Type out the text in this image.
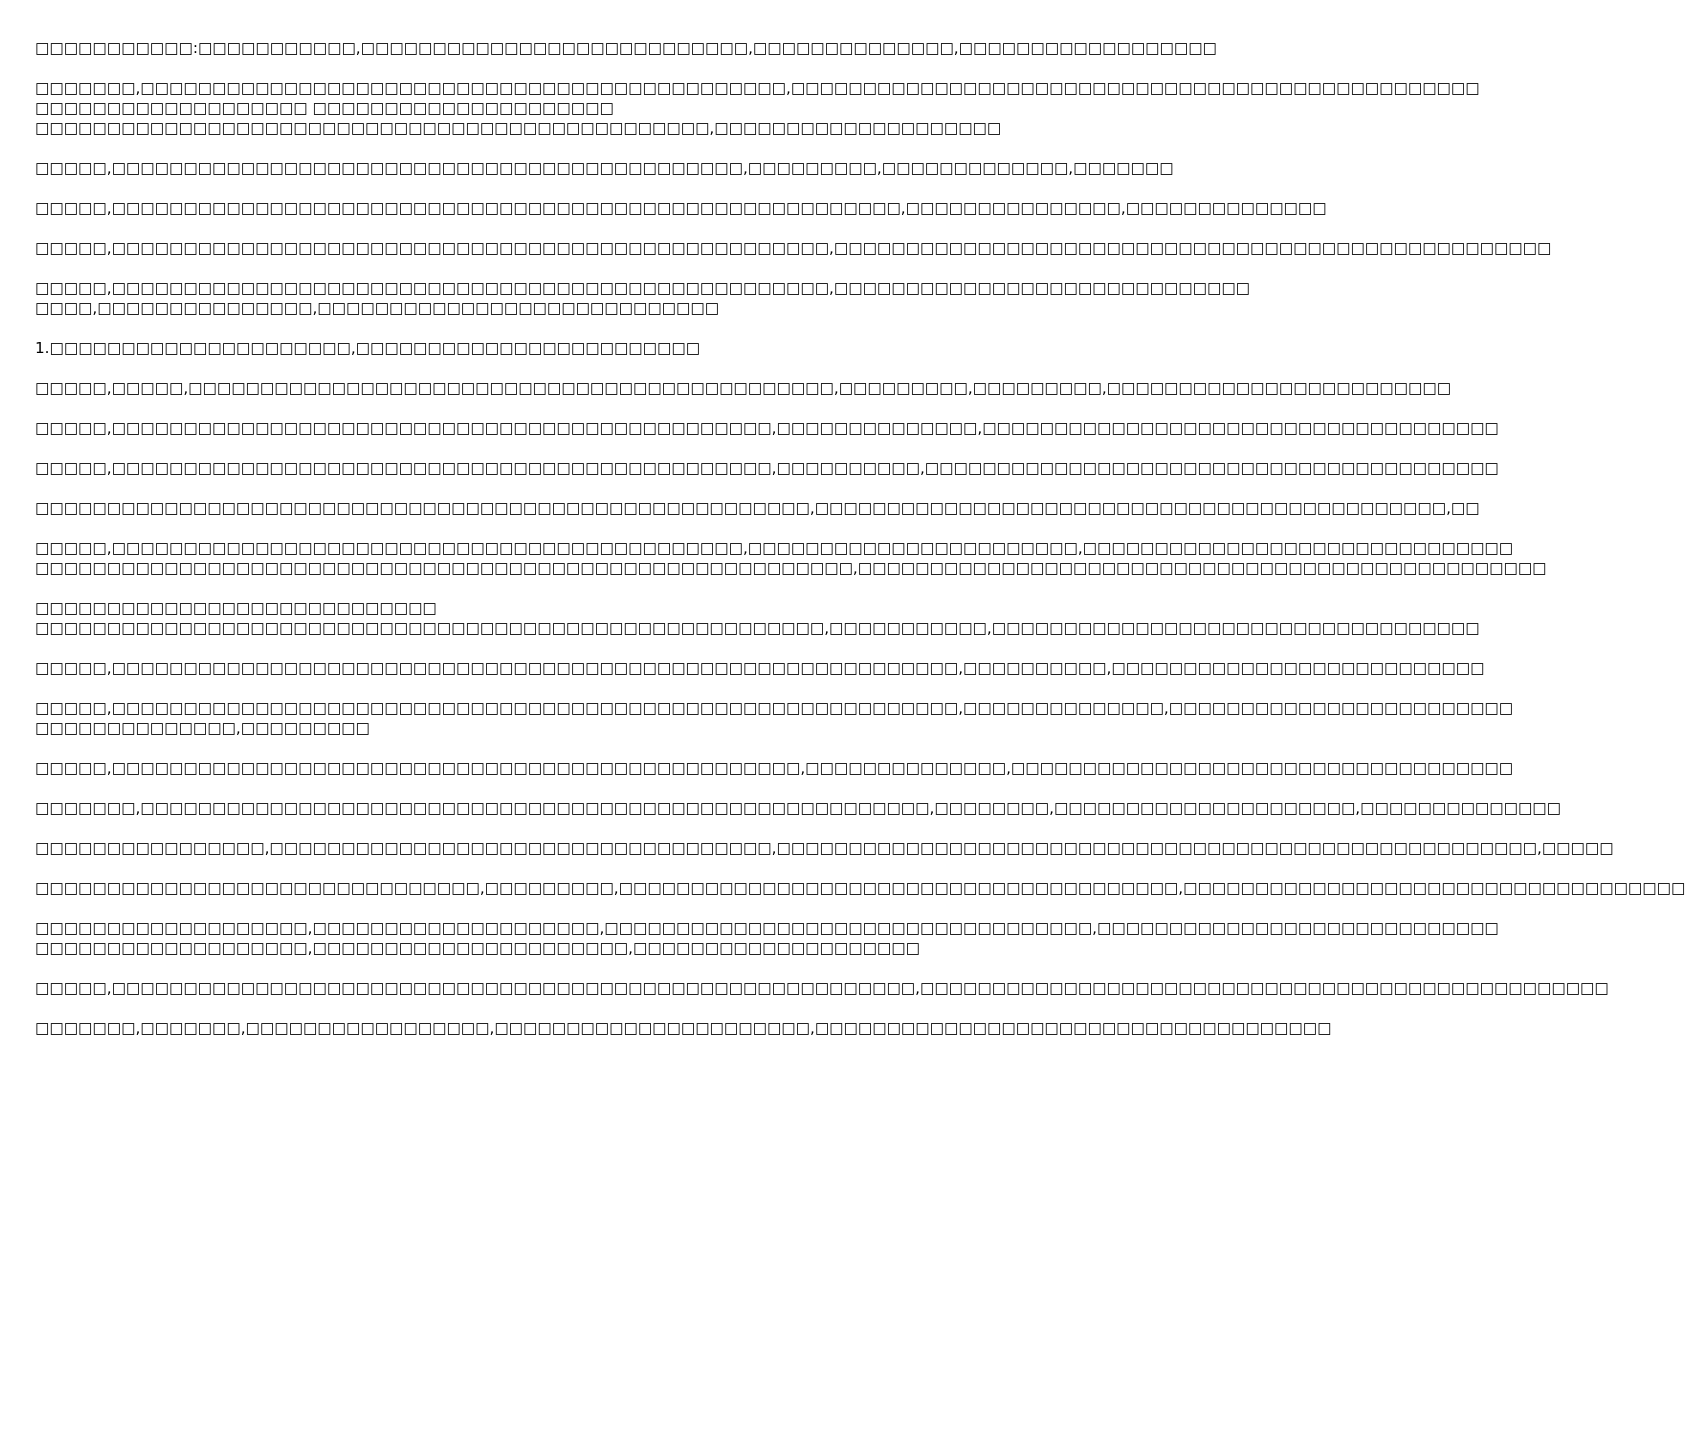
□□□□□□□□□□□:□□□□□□□□□□□,□□□□□□□□□□□□□□□□□□□□□□□□□□□,□□□□□□□□□□□□□□,□□□□□□□□□□□□□□□□□□

□□□□□□□,□□□□□□□□□□□□□□□□□□□□□□□□□□□□□□□□□□□□□□□□□□□□□,□□□□□□□□□□□□□□□□□□□□□□□□□□□□□□□□□□□□□□□□□□□□□□□□

□□□□□□□□□□□□□□□□□□□ □□□□□□□□□□□□□□□□□□□□□

□□□□□□□□□□□□□□□□□□□□□□□□□□□□□□□□□□□□□□□□□□□□□□□,□□□□□□□□□□□□□□□□□□□□

□□□□□,□□□□□□□□□□□□□□□□□□□□□□□□□□□□□□□□□□□□□□□□□□□□,□□□□□□□□□,□□□□□□□□□□□□□,□□□□□□□

□□□□□,□□□□□□□□□□□□□□□□□□□□□□□□□□□□□□□□□□□□□□□□□□□□□□□□□□□□□□□,□□□□□□□□□□□□□□□,□□□□□□□□□□□□□□

□□□□□,□□□□□□□□□□□□□□□□□□□□□□□□□□□□□□□□□□□□□□□□□□□□□□□□□□,□□□□□□□□□□□□□□□□□□□□□□□□□□□□□□□□□□□□□□□□□□□□□□□□□□

□□□□□,□□□□□□□□□□□□□□□□□□□□□□□□□□□□□□□□□□□□□□□□□□□□□□□□□□,□□□□□□□□□□□□□□□□□□□□□□□□□□□□□

□□□□,□□□□□□□□□□□□□□□,□□□□□□□□□□□□□□□□□□□□□□□□□□□□

1.□□□□□□□□□□□□□□□□□□□□□,□□□□□□□□□□□□□□□□□□□□□□□□

□□□□□,□□□□□,□□□□□□□□□□□□□□□□□□□□□□□□□□□□□□□□□□□□□□□□□□□□□,□□□□□□□□□,□□□□□□□□□,□□□□□□□□□□□□□□□□□□□□□□□□

□□□□□,□□□□□□□□□□□□□□□□□□□□□□□□□□□□□□□□□□□□□□□□□□□□□□,□□□□□□□□□□□□□□,□□□□□□□□□□□□□□□□□□□□□□□□□□□□□□□□□□□□

□□□□□,□□□□□□□□□□□□□□□□□□□□□□□□□□□□□□□□□□□□□□□□□□□□□□,□□□□□□□□□□,□□□□□□□□□□□□□□□□□□□□□□□□□□□□□□□□□□□□□□□□

□□□□□□□□□□□□□□□□□□□□□□□□□□□□□□□□□□□□□□□□□□□□□□□□□□□□□□,□□□□□□□□□□□□□□□□□□□□□□□□□□□□□□□□□□□□□□□□□□□□,□□

□□□□□,□□□□□□□□□□□□□□□□□□□□□□□□□□□□□□□□□□□□□□□□□□□□,□□□□□□□□□□□□□□□□□□□□□□□,□□□□□□□□□□□□□□□□□□□□□□□□□□□□□□

□□□□□□□□□□□□□□□□□□□□□□□□□□□□□□□□□□□□□□□□□□□□□□□□□□□□□□□□□,□□□□□□□□□□□□□□□□□□□□□□□□□□□□□□□□□□□□□□□□□□□□□□□□

□□□□□□□□□□□□□□□□□□□□□□□□□□□□

□□□□□□□□□□□□□□□□□□□□□□□□□□□□□□□□□□□□□□□□□□□□□□□□□□□□□□□,□□□□□□□□□□□,□□□□□□□□□□□□□□□□□□□□□□□□□□□□□□□□□□

□□□□□,□□□□□□□□□□□□□□□□□□□□□□□□□□□□□□□□□□□□□□□□□□□□□□□□□□□□□□□□□□□,□□□□□□□□□□,□□□□□□□□□□□□□□□□□□□□□□□□□□

□□□□□,□□□□□□□□□□□□□□□□□□□□□□□□□□□□□□□□□□□□□□□□□□□□□□□□□□□□□□□□□□□,□□□□□□□□□□□□□□,□□□□□□□□□□□□□□□□□□□□□□□□

□□□□□□□□□□□□□□,□□□□□□□□□

□□□□□,□□□□□□□□□□□□□□□□□□□□□□□□□□□□□□□□□□□□□□□□□□□□□□□□,□□□□□□□□□□□□□□,□□□□□□□□□□□□□□□□□□□□□□□□□□□□□□□□□□□

□□□□□□□,□□□□□□□□□□□□□□□□□□□□□□□□□□□□□□□□□□□□□□□□□□□□□□□□□□□□□□□,□□□□□□□□,□□□□□□□□□□□□□□□□□□□□□,□□□□□□□□□□□□□□

□□□□□□□□□□□□□□□□,□□□□□□□□□□□□□□□□□□□□□□□□□□□□□□□□□□□,□□□□□□□□□□□□□□□□□□□□□□□□□□□□□□□□□□□□□□□□□□□□□□□□□□□□□,□□□□□

□□□□□□□□□□□□□□□□□□□□□□□□□□□□□□□,□□□□□□□□□,□□□□□□□□□□□□□□□□□□□□□□□□□□□□□□□□□□□□□□□,□□□□□□□□□□□□□□□□□□□□□□□□□□□□□□□□□□□

□□□□□□□□□□□□□□□□□□□,□□□□□□□□□□□□□□□□□□□□,□□□□□□□□□□□□□□□□□□□□□□□□□□□□□□□□□□,□□□□□□□□□□□□□□□□□□□□□□□□□□□□

□□□□□□□□□□□□□□□□□□□,□□□□□□□□□□□□□□□□□□□□□□,□□□□□□□□□□□□□□□□□□□□

□□□□□,□□□□□□□□□□□□□□□□□□□□□□□□□□□□□□□□□□□□□□□□□□□□□□□□□□□□□□□□,□□□□□□□□□□□□□□□□□□□□□□□□□□□□□□□□□□□□□□□□□□□□□□□□

□□□□□□□,□□□□□□□,□□□□□□□□□□□□□□□□□,□□□□□□□□□□□□□□□□□□□□□□,□□□□□□□□□□□□□□□□□□□□□□□□□□□□□□□□□□□□
